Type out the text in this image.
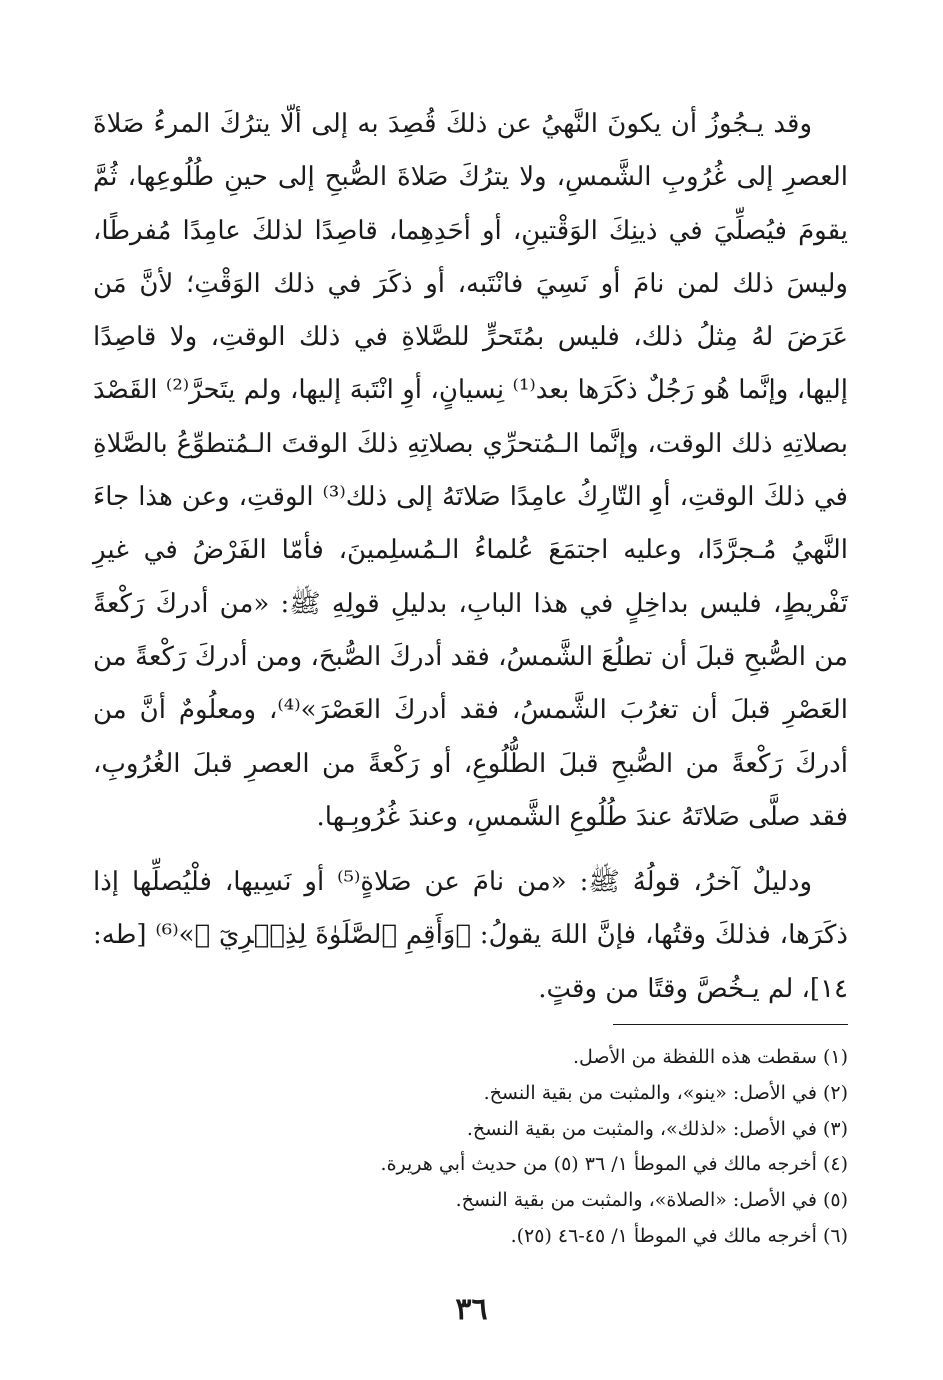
وقد يـجُوزُ أن يكونَ النَّهيُ عن ذلكَ قُصِدَ به إلى ألّا يترُكَ المرءُ صَلاةَ العصرِ إلى غُرُوبِ الشَّمسِ، ولا يترُكَ صَلاةَ الصُّبحِ إلى حينِ طُلُوعِها، ثُمَّ يقومَ فيُصلِّيَ في ذينِكَ الوَقْتينِ، أو أحَدِهِما، قاصِدًا لذلكَ عامِدًا مُفرطًا، وليسَ ذلك لمن نامَ أو نَسِيَ فانْتَبه، أو ذكَرَ في ذلك الوَقْتِ؛ لأنَّ مَن عَرَضَ لهُ مِثلُ ذلك، فليس بمُتَحرٍّ للصَّلاةِ في ذلك الوقتِ، ولا قاصِدًا إليها، وإنَّما هُو رَجُلٌ ذكَرَها بعد⁽¹⁾ نِسيانٍ، أوِ انْتَبهَ إليها، ولم يتَحرَّ⁽²⁾ القَصْدَ بصلاتِهِ ذلك الوقت، وإنَّما الـمُتحرِّي بصلاتِهِ ذلكَ الوقتَ الـمُتطوِّعُ بالصَّلاةِ في ذلكَ الوقتِ، أوِ التّارِكُ عامِدًا صَلاتَهُ إلى ذلك⁽³⁾ الوقتِ، وعن هذا جاءَ النَّهيُ مُـجرَّدًا، وعليه اجتمَعَ عُلماءُ الـمُسلِمينَ، فأمّا الفَرْضُ في غيرِ تَفْريطٍ، فليس بداخِلٍ في هذا البابِ، بدليلِ قولِهِ ﷺ: «من أدركَ رَكْعةً من الصُّبحِ قبلَ أن تطلُعَ الشَّمسُ، فقد أدركَ الصُّبحَ، ومن أدركَ رَكْعةً من العَصْرِ قبلَ أن تغرُبَ الشَّمسُ، فقد أدركَ العَصْرَ»⁽⁴⁾، ومعلُومٌ أنَّ من أدركَ رَكْعةً من الصُّبحِ قبلَ الطُّلُوعِ، أو رَكْعةً من العصرِ قبلَ الغُرُوبِ، فقد صلَّى صَلاتَهُ عندَ طُلُوعِ الشَّمسِ، وعندَ غُرُوبِـها.

ودليلٌ آخرُ، قولُهُ ﷺ: «من نامَ عن صَلاةٍ⁽⁵⁾ أو نَسِيها، فلْيُصلِّها إذا ذكَرَها، فذلكَ وقتُها، فإنَّ اللهَ يقولُ: ﴿وَأَقِمِ ٱلصَّلَوٰةَ لِذِكۡرِيٓ ﴾»⁽⁶⁾ [طه: ١٤]، لم يـخُصَّ وقتًا من وقتٍ.

(١) سقطت هذه اللفظة من الأصل.
(٢) في الأصل: «ينو»، والمثبت من بقية النسخ.
(٣) في الأصل: «لذلك»، والمثبت من بقية النسخ.
(٤) أخرجه مالك في الموطأ ١/ ٣٦ (٥) من حديث أبي هريرة.
(٥) في الأصل: «الصلاة»، والمثبت من بقية النسخ.
(٦) أخرجه مالك في الموطأ ١/ ٤٥-٤٦ (٢٥).
٣٦
